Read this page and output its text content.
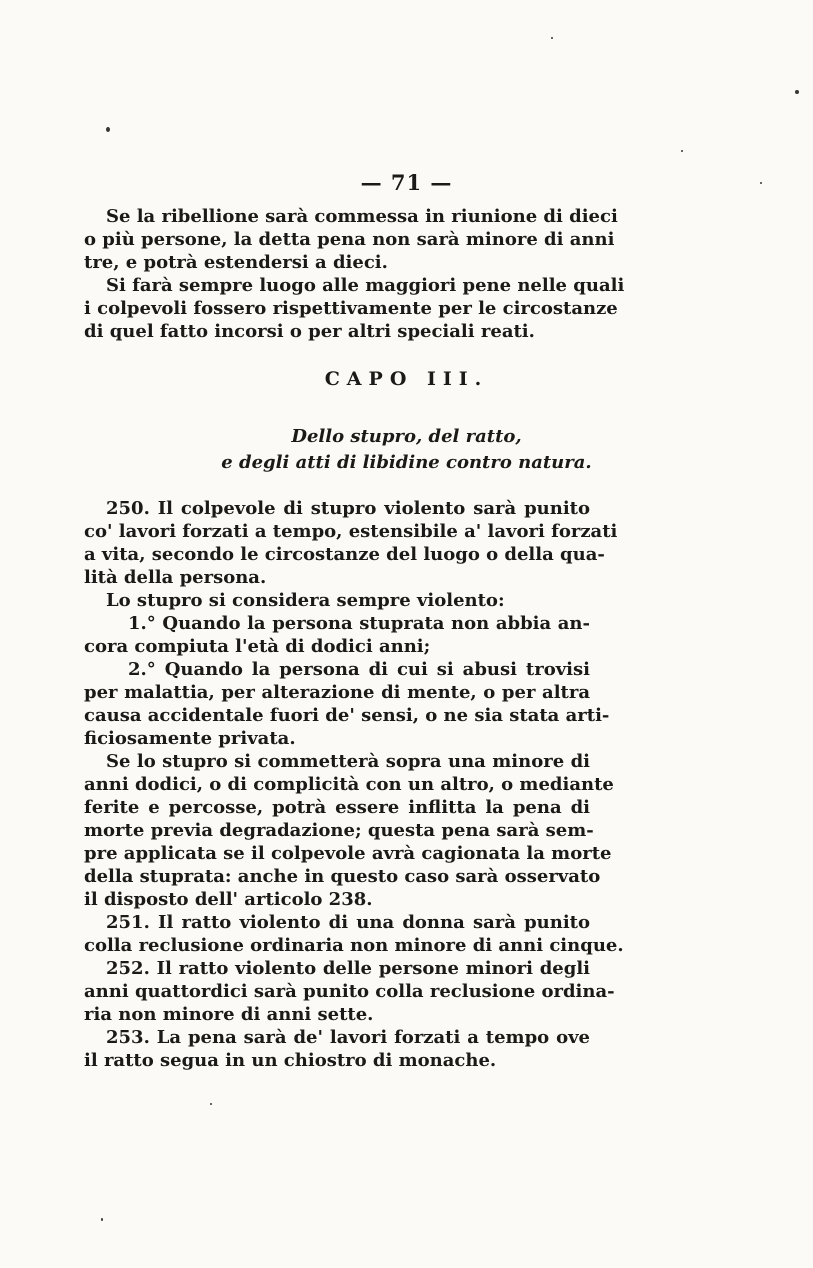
— 71 —
Se la ribellione sarà commessa in riunione di dieci
o più persone, la detta pena non sarà minore di anni
tre, e potrà estendersi a dieci.
Si farà sempre luogo alle maggiori pene nelle quali
i colpevoli fossero rispettivamente per le circostanze
di quel fatto incorsi o per altri speciali reati.
CAPO III.
Dello stupro, del ratto,
e degli atti di libidine contro natura.
250. Il colpevole di stupro violento sarà punito
co' lavori forzati a tempo, estensibile a' lavori forzati
a vita, secondo le circostanze del luogo o della qua-
lità della persona.
Lo stupro si considera sempre violento:
1.° Quando la persona stuprata non abbia an-
cora compiuta l'età di dodici anni;
2.° Quando la persona di cui si abusi trovisi
per malattia, per alterazione di mente, o per altra
causa accidentale fuori de' sensi, o ne sia stata arti-
ficiosamente privata.
Se lo stupro si commetterà sopra una minore di
anni dodici, o di complicità con un altro, o mediante
ferite e percosse, potrà essere inflitta la pena di
morte previa degradazione; questa pena sarà sem-
pre applicata se il colpevole avrà cagionata la morte
della stuprata: anche in questo caso sarà osservato
il disposto dell' articolo 238.
251. Il ratto violento di una donna sarà punito
colla reclusione ordinaria non minore di anni cinque.
252. Il ratto violento delle persone minori degli
anni quattordici sarà punito colla reclusione ordina-
ria non minore di anni sette.
253. La pena sarà de' lavori forzati a tempo ove
il ratto segua in un chiostro di monache.
